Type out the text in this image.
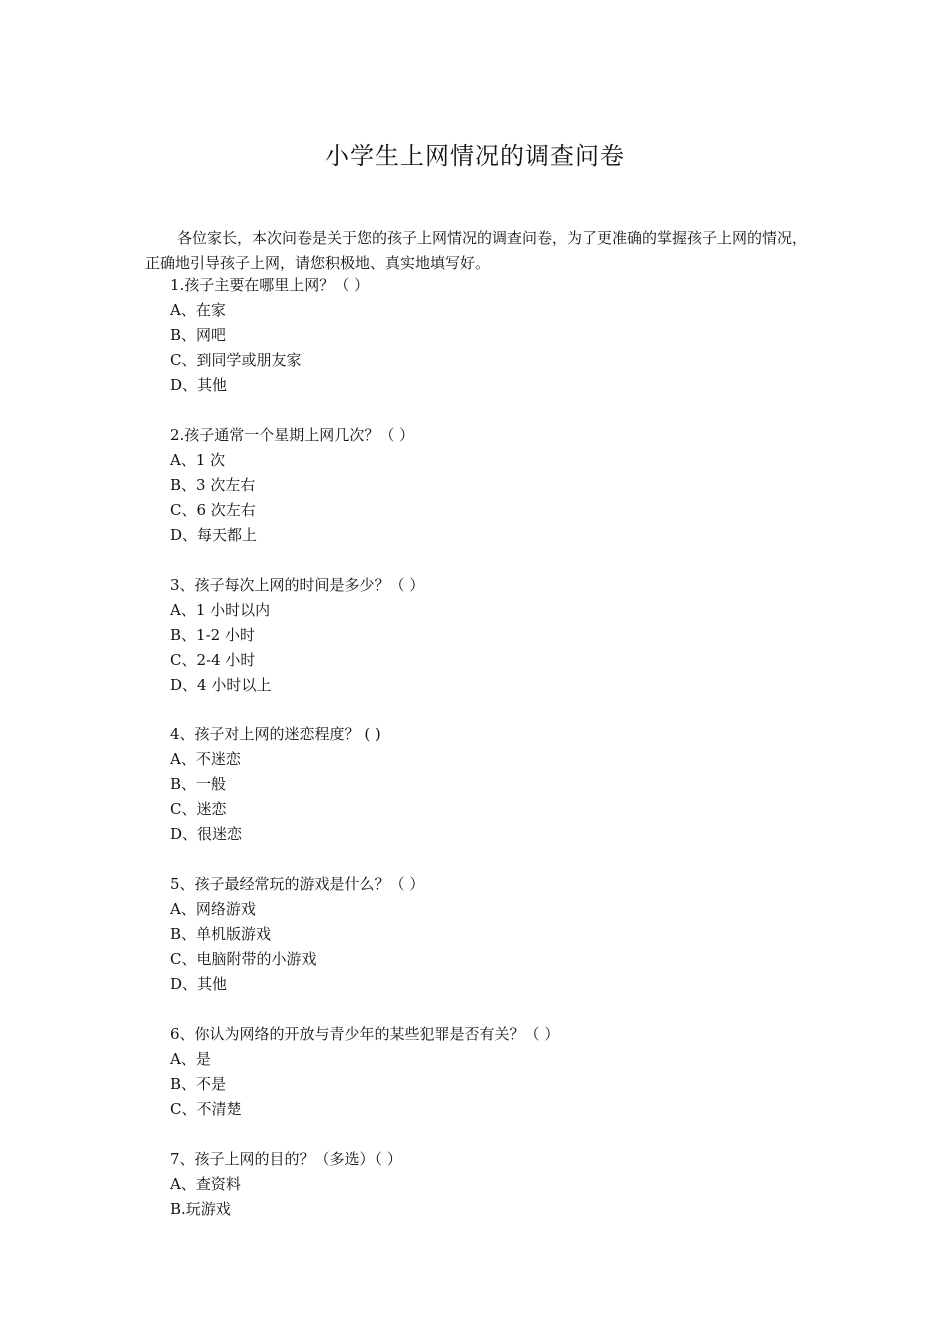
小学生上网情况的调查问卷
各位家长，本次问卷是关于您的孩子上网情况的调查问卷，为了更准确的掌握孩子上网的情况，正确地引导孩子上网，请您积极地、真实地填写好。
1.孩子主要在哪里上网？（ ）
A、在家
B、网吧
C、到同学或朋友家
D、其他
2.孩子通常一个星期上网几次？（ ）
A、1 次
B、3 次左右
C、6 次左右
D、每天都上
3、孩子每次上网的时间是多少？（ ）
A、1 小时以内
B、1-2 小时
C、2-4 小时
D、4 小时以上
4、孩子对上网的迷恋程度？ ( )
A、不迷恋
B、一般
C、迷恋
D、很迷恋
5、孩子最经常玩的游戏是什么？（ ）
A、网络游戏
B、单机版游戏
C、电脑附带的小游戏
D、其他
6、你认为网络的开放与青少年的某些犯罪是否有关？（ ）
A、是
B、不是
C、不清楚
7、孩子上网的目的？（多选）（ ）
A、查资料
B.玩游戏
